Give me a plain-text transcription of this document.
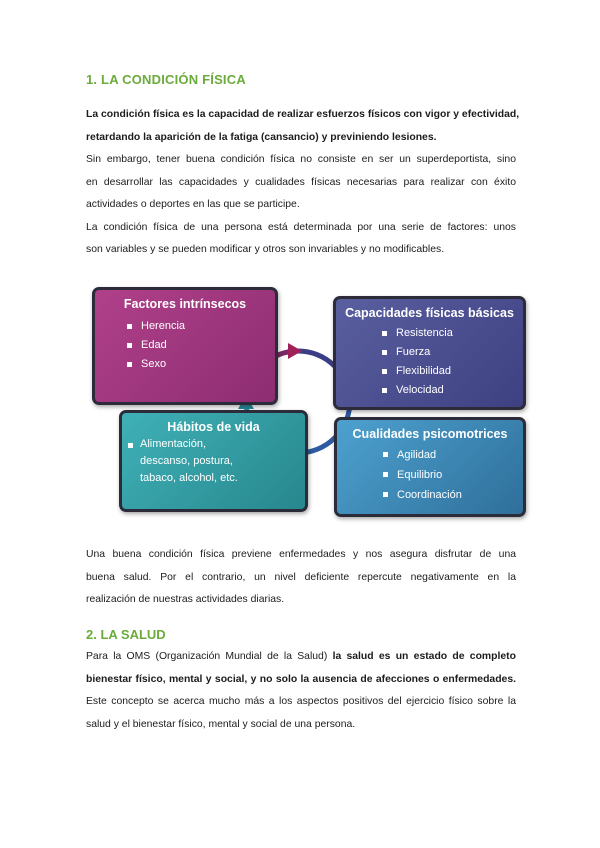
1. LA CONDICIÓN FÍSICA
La condición física es la capacidad de realizar esfuerzos físicos con vigor y efectividad,
retardando la aparición de la fatiga (cansancio) y previniendo lesiones.
Sin embargo, tener buena condición física no consiste en ser un superdeportista, sino
en desarrollar las capacidades y cualidades físicas necesarias para realizar con éxito
actividades o deportes en las que se participe.
La condición física de una persona está determinada por una serie de factores: unos
son variables y se pueden modificar y otros son invariables y no modificables.
Factores intrínsecos
Herencia
Edad
Sexo
Capacidades físicas básicas
Resistencia
Fuerza
Flexibilidad
Velocidad
Hábitos de vida
Alimentación,
descanso, postura,
tabaco, alcohol, etc.
Cualidades psicomotrices
Agilidad
Equilibrio
Coordinación
Una buena condición física previene enfermedades y nos asegura disfrutar de una
buena salud. Por el contrario, un nivel deficiente repercute negativamente en la
realización de nuestras actividades diarias.
2. LA SALUD
Para la OMS (Organización Mundial de la Salud) la salud es un estado de completo
bienestar físico, mental y social, y no solo la ausencia de afecciones o enfermedades.
Este concepto se acerca mucho más a los aspectos positivos del ejercicio físico sobre la
salud y el bienestar físico, mental y social de una persona.
